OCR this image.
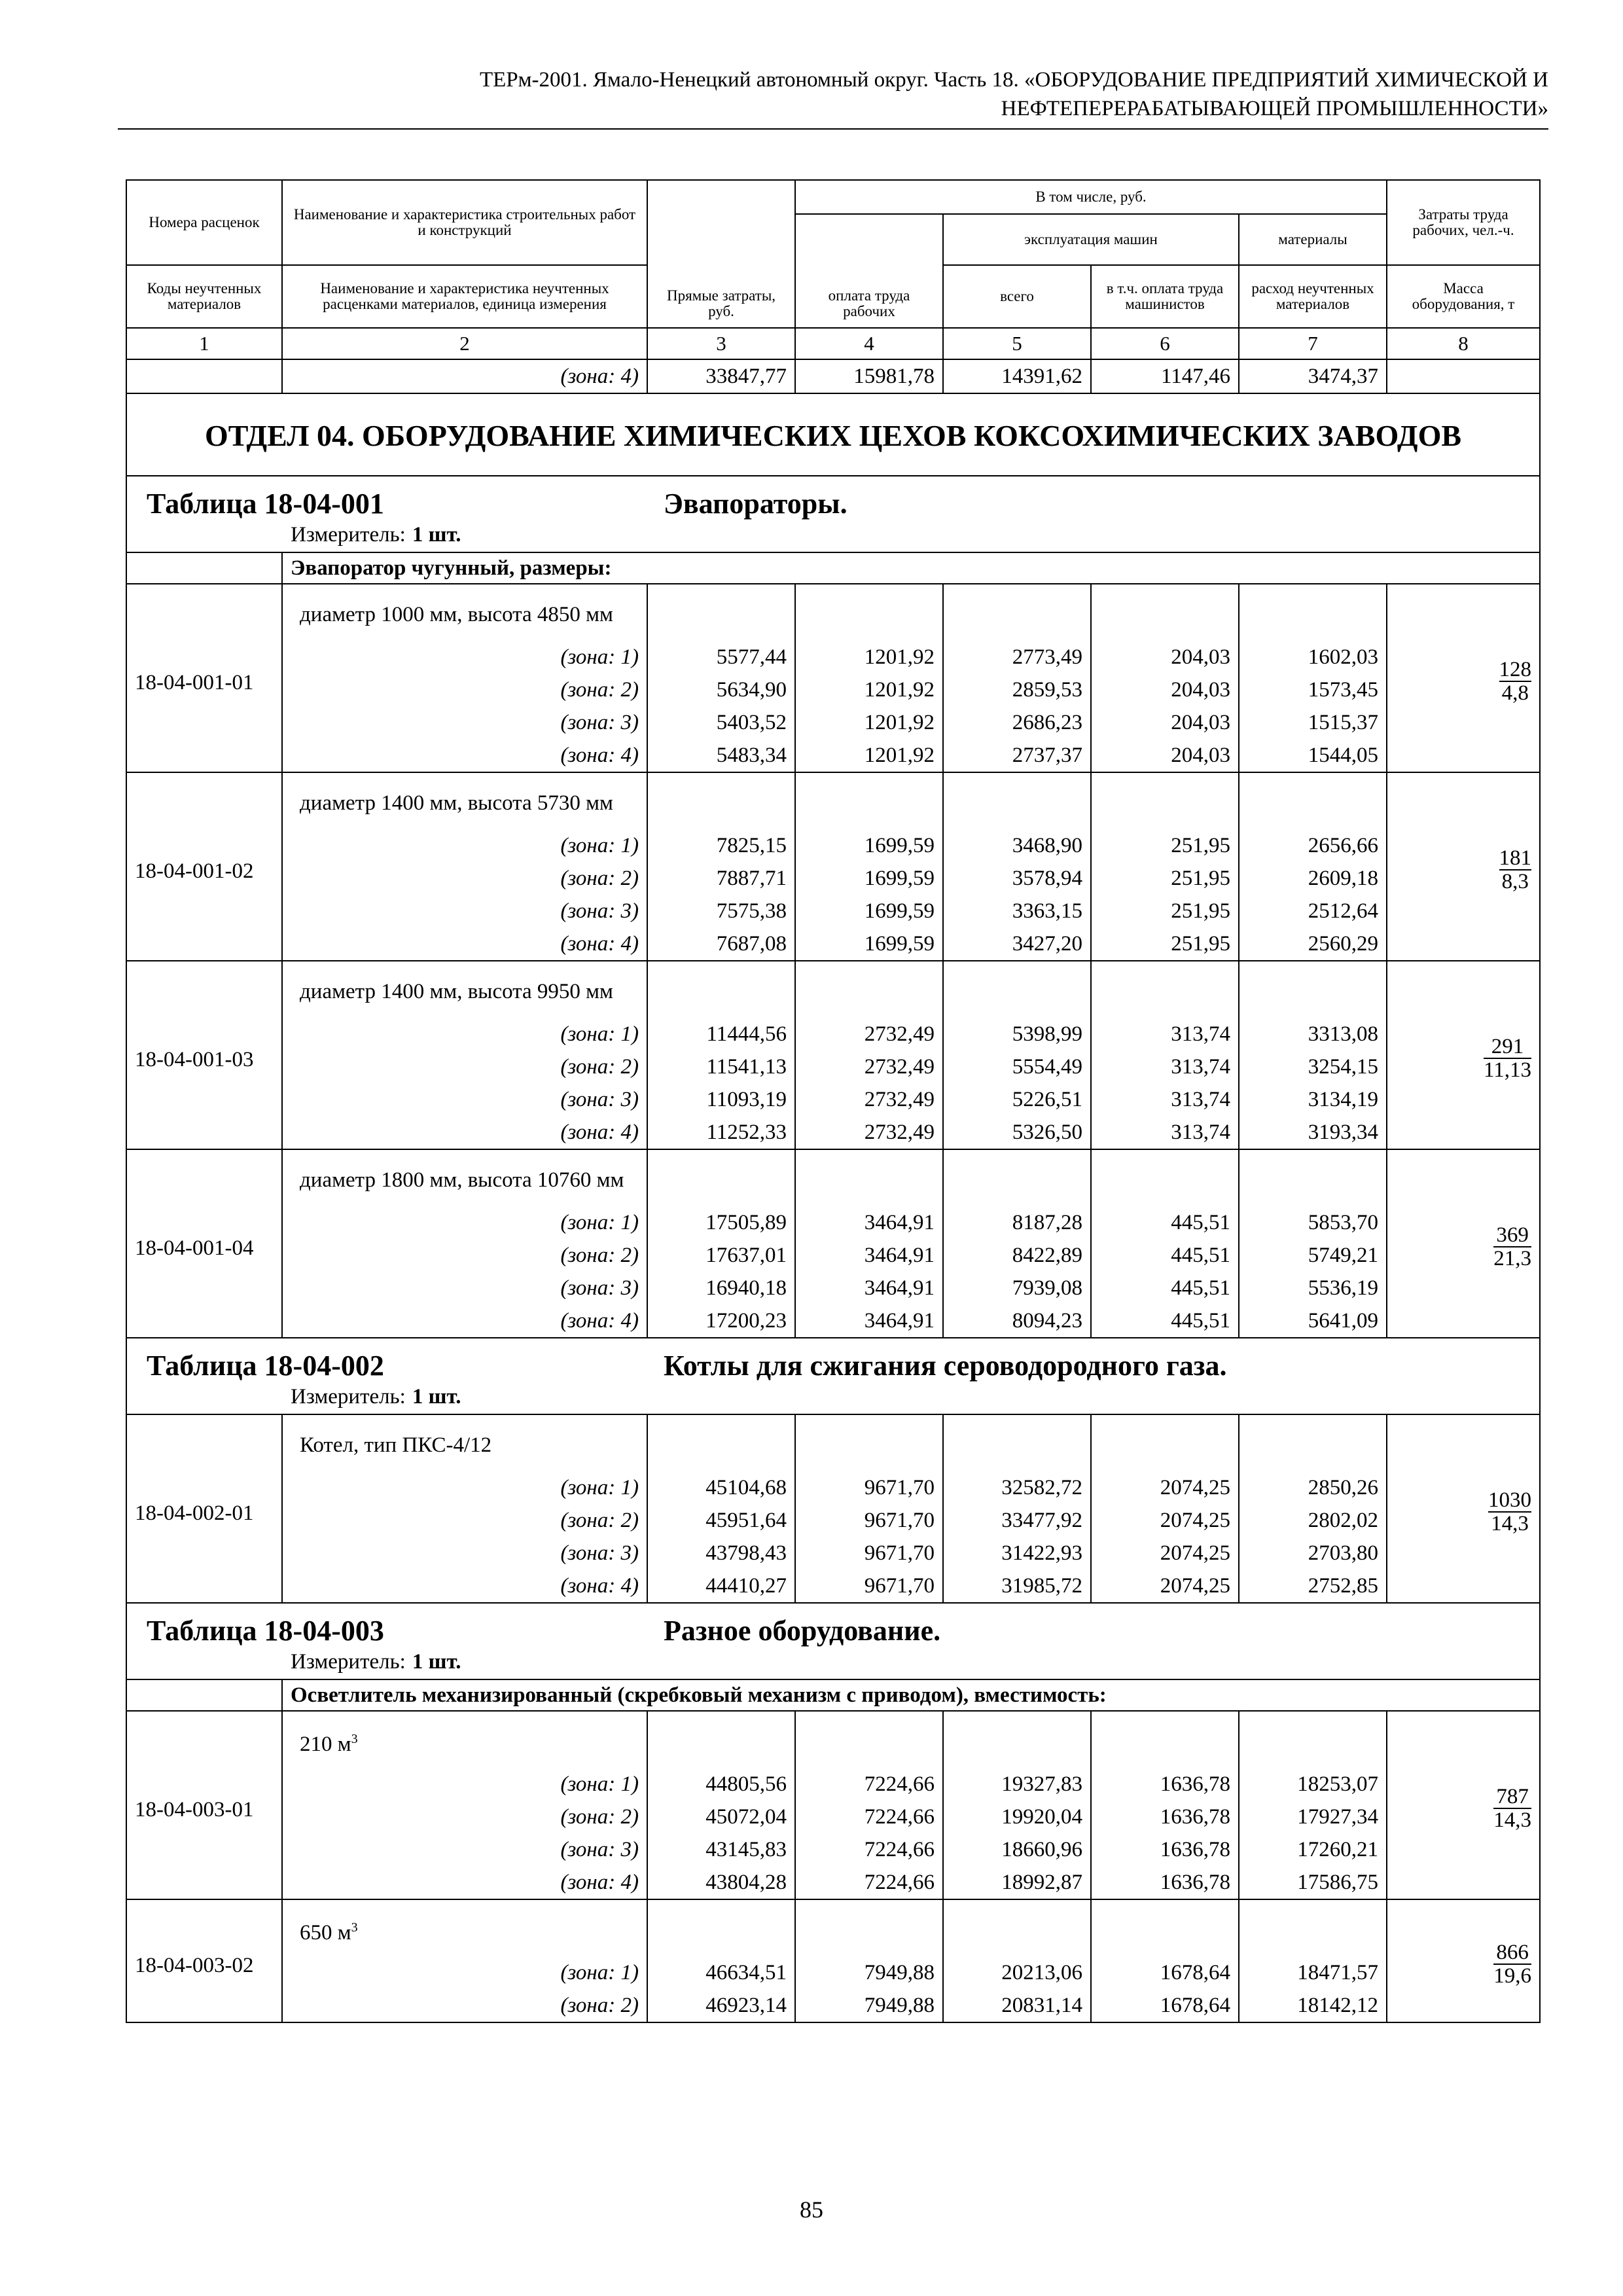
ТЕРм-2001. Ямало-Ненецкий автономный округ. Часть 18. «ОБОРУДОВАНИЕ ПРЕДПРИЯТИЙ ХИМИЧЕСКОЙ И
НЕФТЕПЕРЕРАБАТЫВАЮЩЕЙ ПРОМЫШЛЕННОСТИ»
Номера расценок	Наименование и характеристика строительных работ и конструкций	Прямые затраты, руб.	В том числе, руб.				Затраты труда рабочих, чел.-ч.
			оплата труда рабочих	эксплуатация машин		материалы	
Коды неучтенных материалов	Наименование и характеристика неучтенных расценками материалов, единица измерения			всего	в т.ч. оплата труда машинистов	расход неучтенных материалов	Масса оборудования, т
1	2	3	4	5	6	7	8
	(зона: 4)	33847,77	15981,78	14391,62	1147,46	3474,37	
ОТДЕЛ 04. ОБОРУДОВАНИЕ ХИМИЧЕСКИХ ЦЕХОВ КОКСОХИМИЧЕСКИХ ЗАВОДОВ							
Таблица 18-04-001 Эвапораторы.							
Измеритель: 1 шт.							
	Эвапоратор чугунный, размеры:						
18-04-001-01	диаметр 1000 мм, высота 4850 мм						$\frac{128}{4,8}$

	(зона: 1)	5577,44	1201,92	2773,49	204,03	1602,03	
	(зона: 2)	5634,90	1201,92	2859,53	204,03	1573,45	
	(зона: 3)	5403,52	1201,92	2686,23	204,03	1515,37	
	(зона: 4)	5483,34	1201,92	2737,37	204,03	1544,05	
18-04-001-02	диаметр 1400 мм, высота 5730 мм						$\frac{181}{8,3}$

	(зона: 1)	7825,15	1699,59	3468,90	251,95	2656,66	
	(зона: 2)	7887,71	1699,59	3578,94	251,95	2609,18	
	(зона: 3)	7575,38	1699,59	3363,15	251,95	2512,64	
	(зона: 4)	7687,08	1699,59	3427,20	251,95	2560,29	
18-04-001-03	диаметр 1400 мм, высота 9950 мм						$\frac{291}{11,13}$

	(зона: 1)	11444,56	2732,49	5398,99	313,74	3313,08	
	(зона: 2)	11541,13	2732,49	5554,49	313,74	3254,15	
	(зона: 3)	11093,19	2732,49	5226,51	313,74	3134,19	
	(зона: 4)	11252,33	2732,49	5326,50	313,74	3193,34	
18-04-001-04	диаметр 1800 мм, высота 10760 мм						$\frac{369}{21,3}$

	(зона: 1)	17505,89	3464,91	8187,28	445,51	5853,70	
	(зона: 2)	17637,01	3464,91	8422,89	445,51	5749,21	
	(зона: 3)	16940,18	3464,91	7939,08	445,51	5536,19	
	(зона: 4)	17200,23	3464,91	8094,23	445,51	5641,09	
Таблица 18-04-002 Котлы для сжигания сероводородного газа.							
Измеритель: 1 шт.							
18-04-002-01	Котел, тип ПКС-4/12						$\frac{1030}{14,3}$

	(зона: 1)	45104,68	9671,70	32582,72	2074,25	2850,26	
	(зона: 2)	45951,64	9671,70	33477,92	2074,25	2802,02	
	(зона: 3)	43798,43	9671,70	31422,93	2074,25	2703,80	
	(зона: 4)	44410,27	9671,70	31985,72	2074,25	2752,85	
Таблица 18-04-003 Разное оборудование.							
Измеритель: 1 шт.							
	Осветлитель механизированный (скребковый механизм с приводом), вместимость:						
18-04-003-01	210 $м^3$						$\frac{787}{14,3}$

	(зона: 1)	44805,56	7224,66	19327,83	1636,78	18253,07	
	(зона: 2)	45072,04	7224,66	19920,04	1636,78	17927,34	
	(зона: 3)	43145,83	7224,66	18660,96	1636,78	17260,21	
	(зона: 4)	43804,28	7224,66	18992,87	1636,78	17586,75	
18-04-003-02	650 $м^3$						$\frac{866}{19,6}$

	(зона: 1)	46634,51	7949,88	20213,06	1678,64	18471,57	
	(зона: 2)	46923,14	7949,88	20831,14	1678,64	18142,12	
85
